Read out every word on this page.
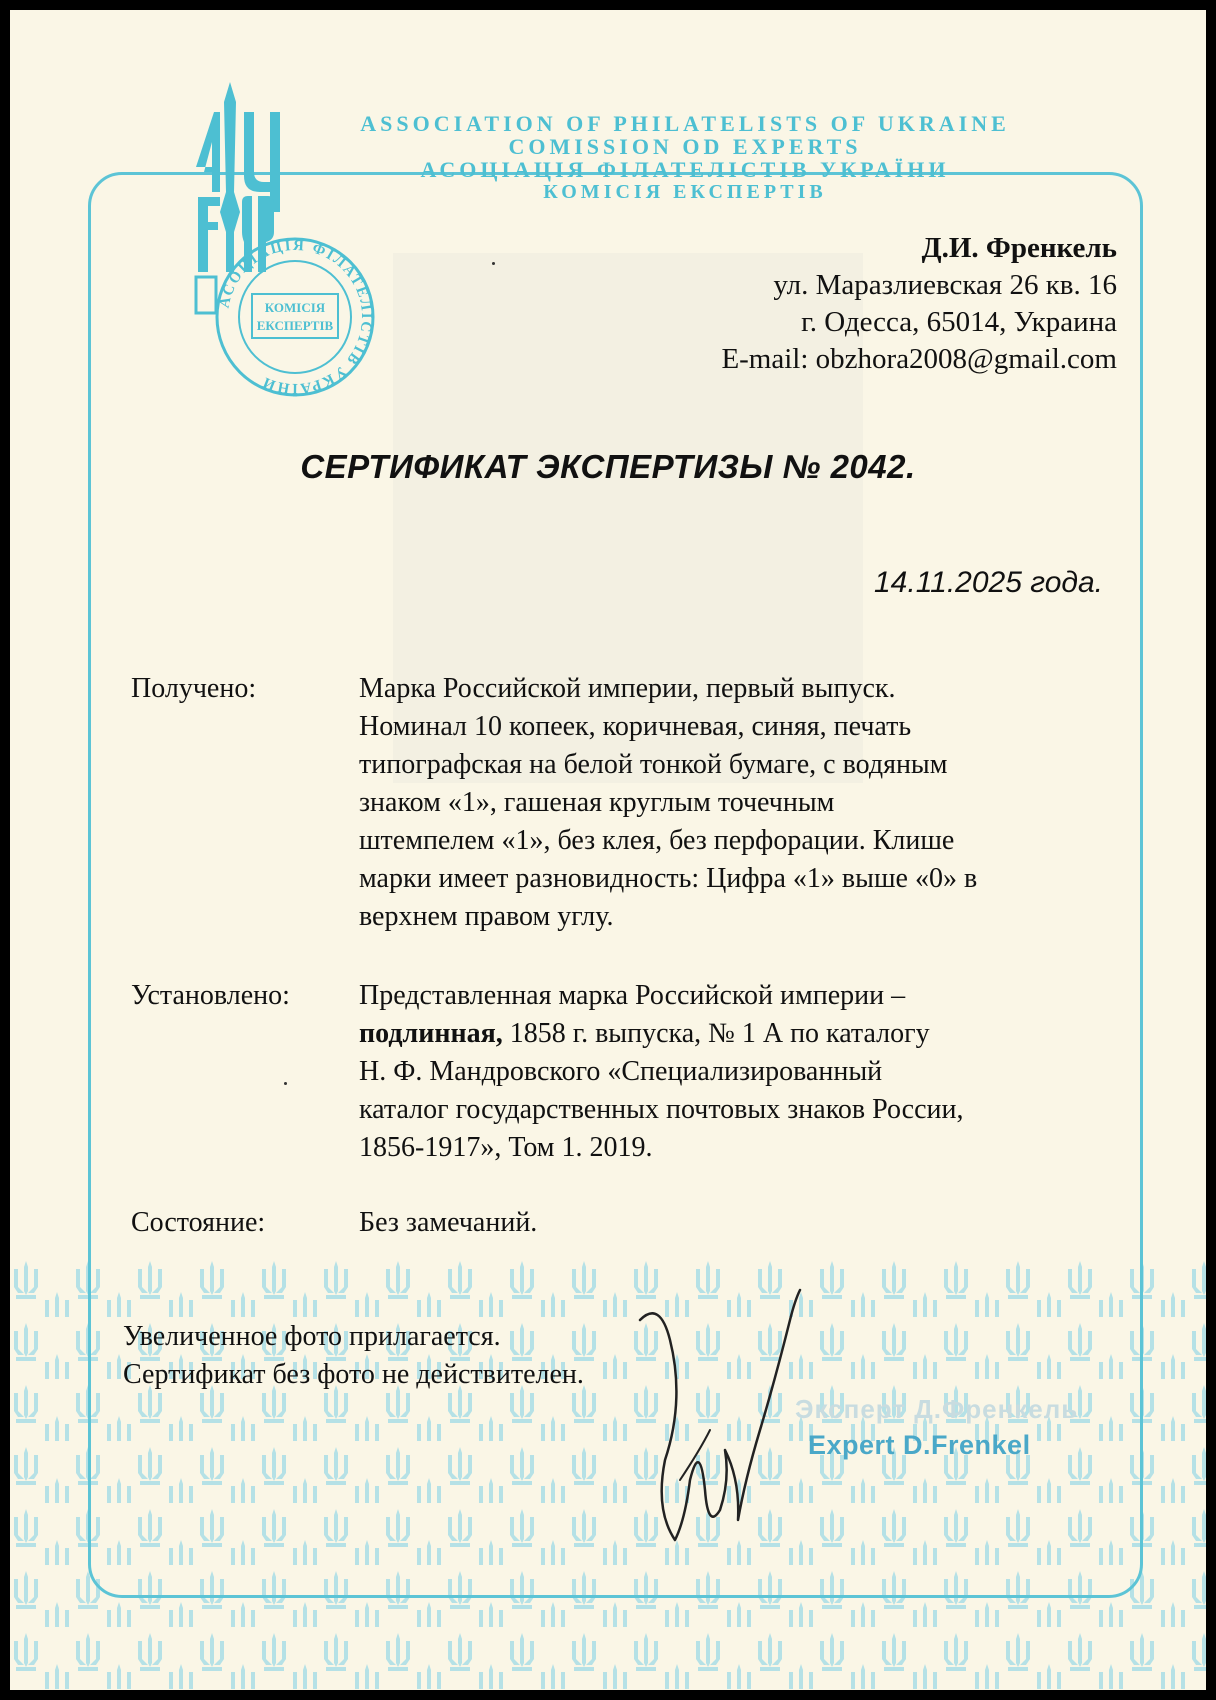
АСОЦІАЦІЯ ФІЛАТЕЛІСТІВ УКРАЇНИ
КОМІСІЯ
ЕКСПЕРТІВ
ASSOCIATION OF PHILATELISTS OF UKRAINE
COMISSION OD EXPERTS
АСОЦІАЦІЯ ФІЛАТЕЛІСТІВ УКРАЇНИ
КОМІСІЯ ЕКСПЕРТІВ
Д.И. Френкель
ул. Маразлиевская 26 кв. 16
г. Одесса, 65014, Украина
E-mail: obzhora2008@gmail.com
СЕРТИФИКАТ ЭКСПЕРТИЗЫ № 2042.
14.11.2025 года.
Получено:	Марка Российской империи, первый выпуск.
Номинал 10 копеек, коричневая, синяя, печать
типографская на белой тонкой бумаге, с водяным
знаком «1», гашеная круглым точечным
штемпелем «1», без клея, без перфорации. Клише
марки имеет разновидность: Цифра «1» выше «0» в
верхнем правом углу.
Установлено: Представленная марка Российской империи –
подлинная, 1858 г. выпуска, № 1 А по каталогу
Н. Ф. Мандровского «Специализированный
каталог государственных почтовых знаков России,
1856-1917», Том 1. 2019.
Состояние:	Без замечаний.
Увеличенное фото прилагается.
Сертификат без фото не действителен.
Эксперт Д.Френкель
Expert D.Frenkel
